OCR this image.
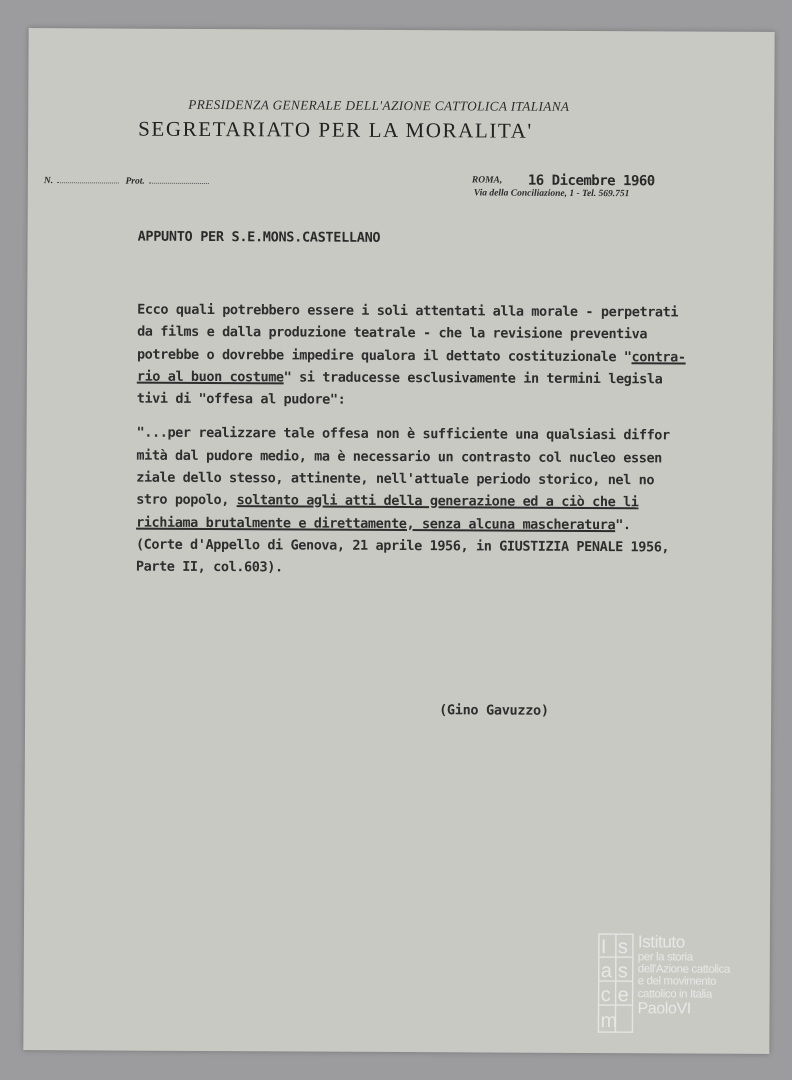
PRESIDENZA GENERALE DELL'AZIONE CATTOLICA ITALIANA
SEGRETARIATO PER LA MORALITA'
N.	Prot.	ROMA, 16 Dicembre 1960
Via della Conciliazione, 1 - Tel. 569.751
APPUNTO PER S.E.MONS.CASTELLANO
Ecco quali potrebbero essere i soli attentati alla morale - perpetrati
da films e dalla produzione teatrale - che la revisione preventiva
potrebbe o dovrebbe impedire qualora il dettato costituzionale "contra-
rio al buon costume" si traducesse esclusivamente in termini legisla
tivi di "offesa al pudore":
"...per realizzare tale offesa non è sufficiente una qualsiasi diffor
mità dal pudore medio, ma è necessario un contrasto col nucleo essen
ziale dello stesso, attinente, nell'attuale periodo storico, nel no
stro popolo, soltanto agli atti della generazione ed a ciò che li
richiama brutalmente e direttamente, senza alcuna mascheratura".
(Corte d'Appello di Genova, 21 aprile 1956, in GIUSTIZIA PENALE 1956,
Parte II, col.603).
(Gino Gavuzzo)
I s
a s
c e
m
Istituto
per la storia
dell'Azione cattolica
e del movimento
cattolico in Italia
PaoloVI
